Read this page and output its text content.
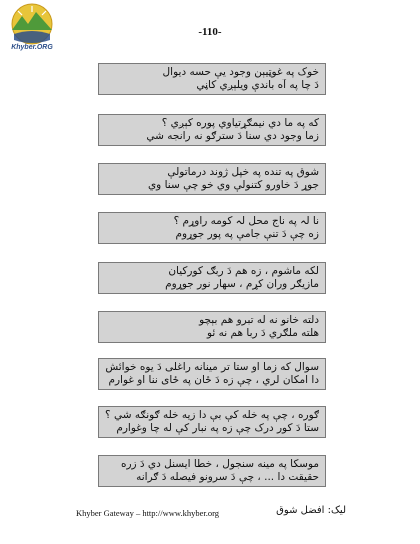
Khyber.ORG
-110-
خوک په غوټيېن وجود يې حسه ديوال
دَ چا په آه باندې ويلېږي کاڼي
که په ما دي نيمګړتياوي پوره کېږي ؟
زما وجود دي سنا دَ سترګو نه رانجه شي
شوق په تنده په خپل ژوند درماتولې
جوړ دَ خاورو کتنولې وي خو چې سنا وي
نا لہ په ناج محل لہ کومه راوړم ؟
زه چې دَ تنې جامې په پور جوړوم
لکه ماشوم ، زه هم دَ ربګ کورکيان
مازيګر وران کړم ، سهار نور جوړوم
دلته خانو نه له تبرو هم بېچو
هلته ملګري دَ ربا هم نه ئو
سوال که زما او ستا تر مينانه راغلى دَ يوه خوائش
دا امکان لري ، چې زه دَ ځان په ځای ننا او غوارم
ګوره ، چې په خله کې بې دا زيه خله ګونګه شي ؟
ستا دَ کور درک چې زه په نبار کې له چا وغوارم
موسکا په مينه سنجول ، خطا ايسنل دي دَ زره
حقيقت دا ... ، چې دَ سرونو فيصله دَ ګرانه
Khyber Gateway – http://www.khyber.org	ليک: افضل شوق
